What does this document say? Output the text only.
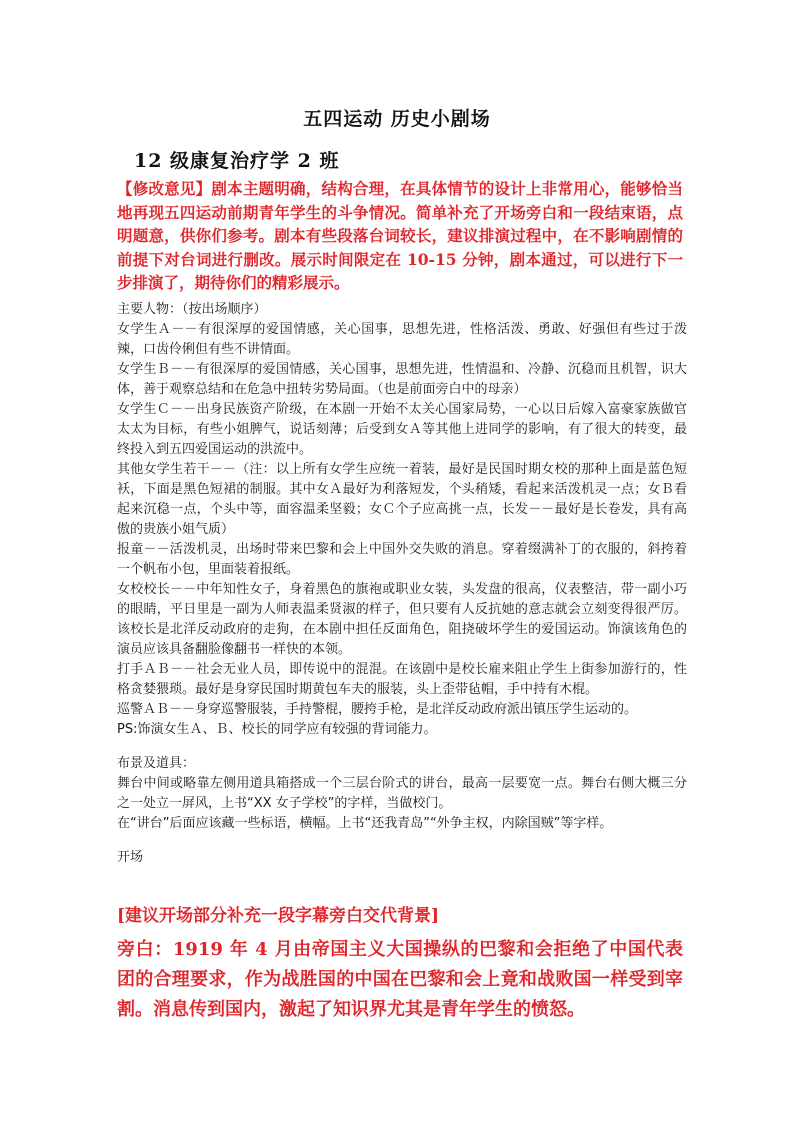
五四运动 历史小剧场
12 级康复治疗学 2 班
【修改意见】剧本主题明确，结构合理，在具体情节的设计上非常用心，能够恰当地再现五四运动前期青年学生的斗争情况。简单补充了开场旁白和一段结束语，点明题意，供你们参考。剧本有些段落台词较长，建议排演过程中，在不影响剧情的前提下对台词进行删改。展示时间限定在 10-15 分钟，剧本通过，可以进行下一步排演了，期待你们的精彩展示。

主要人物：（按出场顺序）

女学生Ａ－－有很深厚的爱国情感，关心国事，思想先进，性格活泼、勇敢、好强但有些过于泼辣，口齿伶俐但有些不讲情面。

女学生Ｂ－－有很深厚的爱国情感，关心国事，思想先进，性情温和、冷静、沉稳而且机智，识大体，善于观察总结和在危急中扭转劣势局面。（也是前面旁白中的母亲）

女学生Ｃ－－出身民族资产阶级，在本剧一开始不太关心国家局势，一心以日后嫁入富豪家族做官太太为目标，有些小姐脾气，说话刻薄；后受到女Ａ等其他上进同学的影响，有了很大的转变，最终投入到五四爱国运动的洪流中。

其他女学生若干－－（注：以上所有女学生应统一着装，最好是民国时期女校的那种上面是蓝色短袄，下面是黑色短裙的制服。其中女Ａ最好为利落短发，个头稍矮，看起来活泼机灵一点；女Ｂ看起来沉稳一点，个头中等，面容温柔坚毅；女Ｃ个子应高挑一点，长发－－最好是长卷发，具有高傲的贵族小姐气质）

报童－－活泼机灵，出场时带来巴黎和会上中国外交失败的消息。穿着缀满补丁的衣服的，斜挎着一个帆布小包，里面装着报纸。

女校校长－－中年知性女子，身着黑色的旗袍或职业女装，头发盘的很高，仪表整洁，带一副小巧的眼睛，平日里是一副为人师表温柔贤淑的样子，但只要有人反抗她的意志就会立刻变得很严厉。该校长是北洋反动政府的走狗，在本剧中担任反面角色，阻挠破坏学生的爱国运动。饰演该角色的演员应该具备翻脸像翻书一样快的本领。

打手ＡＢ－－社会无业人员，即传说中的混混。在该剧中是校长雇来阻止学生上街参加游行的，性格贪婪猥琐。最好是身穿民国时期黄包车夫的服装，头上歪带毡帽，手中持有木棍。

巡警ＡＢ－－身穿巡警服装，手持警棍，腰挎手枪，是北洋反动政府派出镇压学生运动的。

PS:饰演女生Ａ、Ｂ、校长的同学应有较强的背词能力。

布景及道具：

舞台中间或略靠左侧用道具箱搭成一个三层台阶式的讲台，最高一层要宽一点。舞台右侧大概三分之一处立一屏风，上书“XX 女子学校”的字样，当做校门。

在“讲台”后面应该藏一些标语，横幅。上书“还我青岛”“外争主权，内除国贼”等字样。

开场

[建议开场部分补充一段字幕旁白交代背景]
旁白：1919 年 4 月由帝国主义大国操纵的巴黎和会拒绝了中国代表团的合理要求，作为战胜国的中国在巴黎和会上竟和战败国一样受到宰割。消息传到国内，激起了知识界尤其是青年学生的愤怒。
